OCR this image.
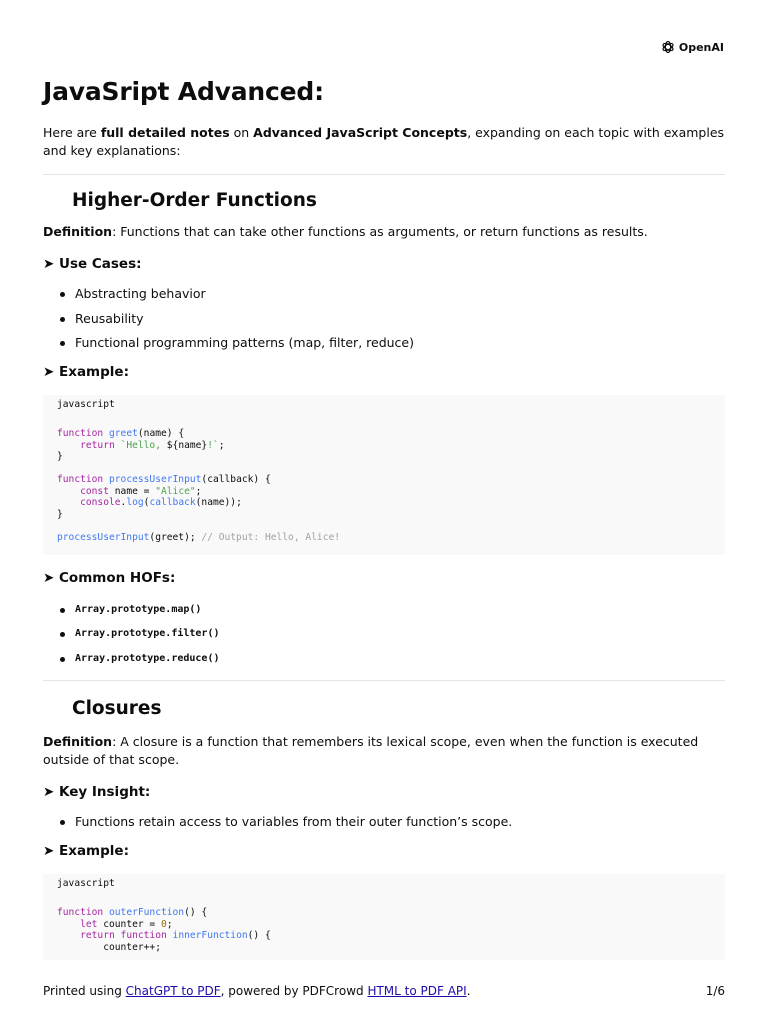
OpenAI
JavaSript Advanced:

Here are full detailed notes on Advanced JavaScript Concepts, expanding on each topic with examples and key explanations:

Higher-Order Functions

Definition: Functions that can take other functions as arguments, or return functions as results.

➤ Use Cases:
Abstracting behavior
Reusability
Functional programming patterns (map, filter, reduce)
➤ Example:
javascript
function greet(name) {
return `Hello, ${name}!`;
}

function processUserInput(callback) {
const name = "Alice";
console.log(callback(name));
}

processUserInput(greet); // Output: Hello, Alice!
➤ Common HOFs:
Array.prototype.map()
Array.prototype.filter()
Array.prototype.reduce()
Closures

Definition: A closure is a function that remembers its lexical scope, even when the function is executed outside of that scope.

➤ Key Insight:
Functions retain access to variables from their outer function’s scope.
➤ Example:
javascript
function outerFunction() {
let counter = 0;
return function innerFunction() {
counter++;
Printed using ChatGPT to PDF, powered by PDFCrowd HTML to PDF API.	1/6
